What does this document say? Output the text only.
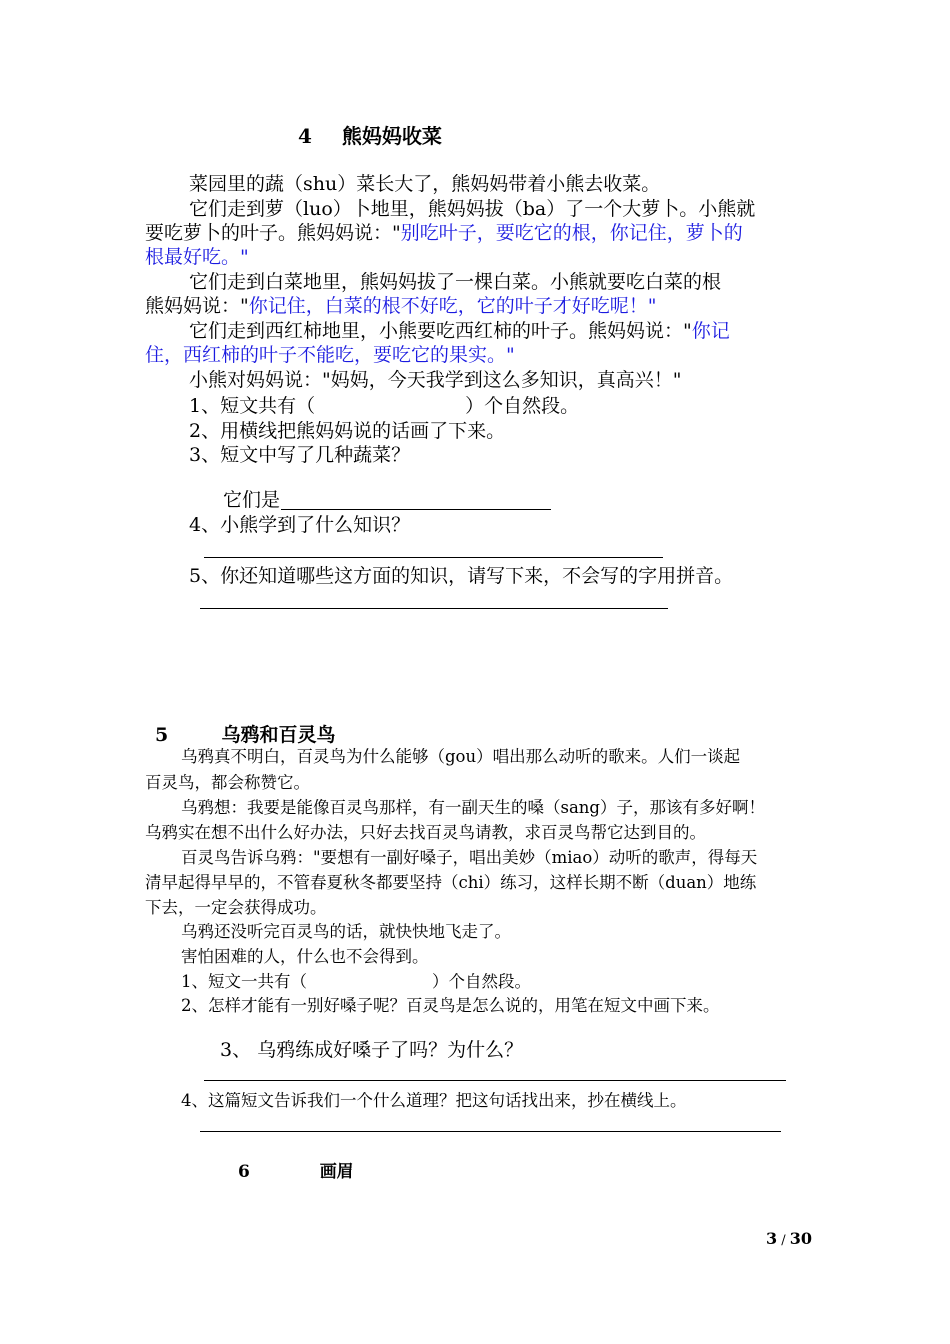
4 熊妈妈收菜
菜园里的蔬（shu）菜长大了，熊妈妈带着小熊去收菜。
它们走到萝（luo）卜地里，熊妈妈拔（ba）了一个大萝卜。小熊就
要吃萝卜的叶子。熊妈妈说："别吃叶子，要吃它的根，你记住，萝卜的
根最好吃。"
它们走到白菜地里，熊妈妈拔了一棵白菜。小熊就要吃白菜的根
熊妈妈说："你记住，白菜的根不好吃，它的叶子才好吃呢！"
它们走到西红柿地里，小熊要吃西红柿的叶子。熊妈妈说："你记
住，西红柿的叶子不能吃，要吃它的果实。"
小熊对妈妈说："妈妈，今天我学到这么多知识，真高兴！"
1、短文共有（	）个自然段。
2、用横线把熊妈妈说的话画了下来。
3、短文中写了几种蔬菜？
它们是
4、小熊学到了什么知识？
5、你还知道哪些这方面的知识，请写下来，不会写的字用拼音。
5	乌鸦和百灵鸟
乌鸦真不明白，百灵鸟为什么能够（gou）唱出那么动听的歌来。人们一谈起
百灵鸟，都会称赞它。
乌鸦想：我要是能像百灵鸟那样，有一副天生的嗓（sang）子，那该有多好啊！
乌鸦实在想不出什么好办法，只好去找百灵鸟请教，求百灵鸟帮它达到目的。
百灵鸟告诉乌鸦："要想有一副好嗓子，唱出美妙（miao）动听的歌声，得每天
清早起得早早的，不管春夏秋冬都要坚持（chi）练习，这样长期不断（duan）地练
下去，一定会获得成功。
乌鸦还没听完百灵鸟的话，就快快地飞走了。
害怕困难的人，什么也不会得到。
1、短文一共有（	）个自然段。
2、怎样才能有一别好嗓子呢？百灵鸟是怎么说的，用笔在短文中画下来。
3、 乌鸦练成好嗓子了吗？为什么？
4、这篇短文告诉我们一个什么道理？把这句话找出来，抄在横线上。
6	画眉
3 / 30
